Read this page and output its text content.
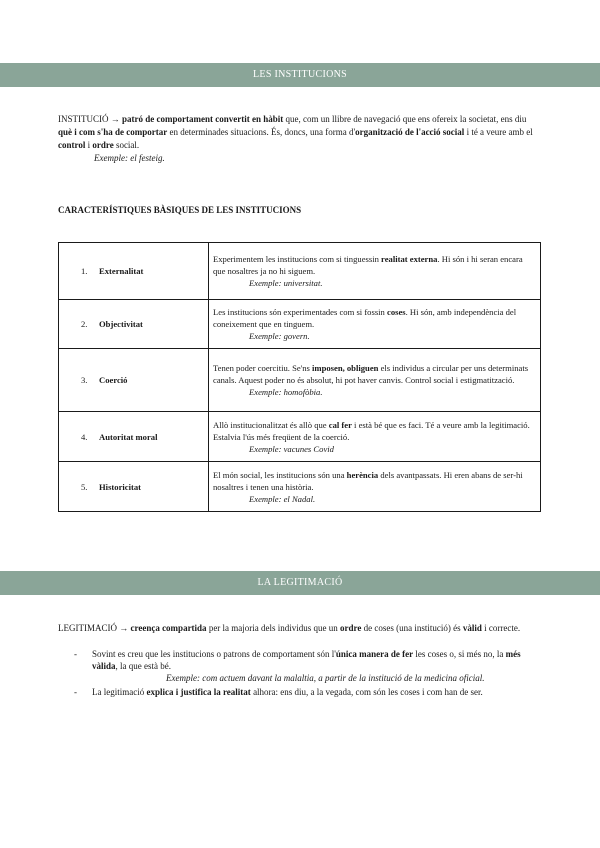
LES INSTITUCIONS
INSTITUCIÓ → patró de comportament convertit en hàbit que, com un llibre de navegació que ens ofereix la societat, ens diu què i com s'ha de comportar en determinades situacions. És, doncs, una forma d'organització de l'acció social i té a veure amb el control i ordre social.
Exemple: el festeig.
CARACTERÍSTIQUES BÀSIQUES DE LES INSTITUCIONS
1. Externalitat	Experimentem les institucions com si tinguessin realitat externa. Hi són i hi seran encara que nosaltres ja no hi siguem.
Exemple: universitat.

2. Objectivitat	Les institucions són experimentades com si fossin coses. Hi són, amb independència del coneixement que en tinguem.
Exemple: govern.

3. Coerció	Tenen poder coercitiu. Se'ns imposen, obliguen els individus a circular per uns determinats canals. Aquest poder no és absolut, hi pot haver canvis. Control social i estigmatització.
Exemple: homofòbia.

4. Autoritat moral	Allò institucionalitzat és allò que cal fer i està bé que es faci. Té a veure amb la legitimació. Estalvia l'ús més freqüent de la coerció.
Exemple: vacunes Covid

5. Historicitat	El món social, les institucions són una herència dels avantpassats. Hi eren abans de ser-hi nosaltres i tenen una història.
Exemple: el Nadal.
LA LEGITIMACIÓ
LEGITIMACIÓ → creença compartida per la majoria dels individus que un ordre de coses (una institució) és vàlid i correcte.
- Sovint es creu que les institucions o patrons de comportament són l'única manera de fer les coses o, si més no, la més vàlida, la que està bé.
Exemple: com actuem davant la malaltia, a partir de la institució de la medicina oficial.
- La legitimació explica i justifica la realitat alhora: ens diu, a la vegada, com són les coses i com han de ser.
